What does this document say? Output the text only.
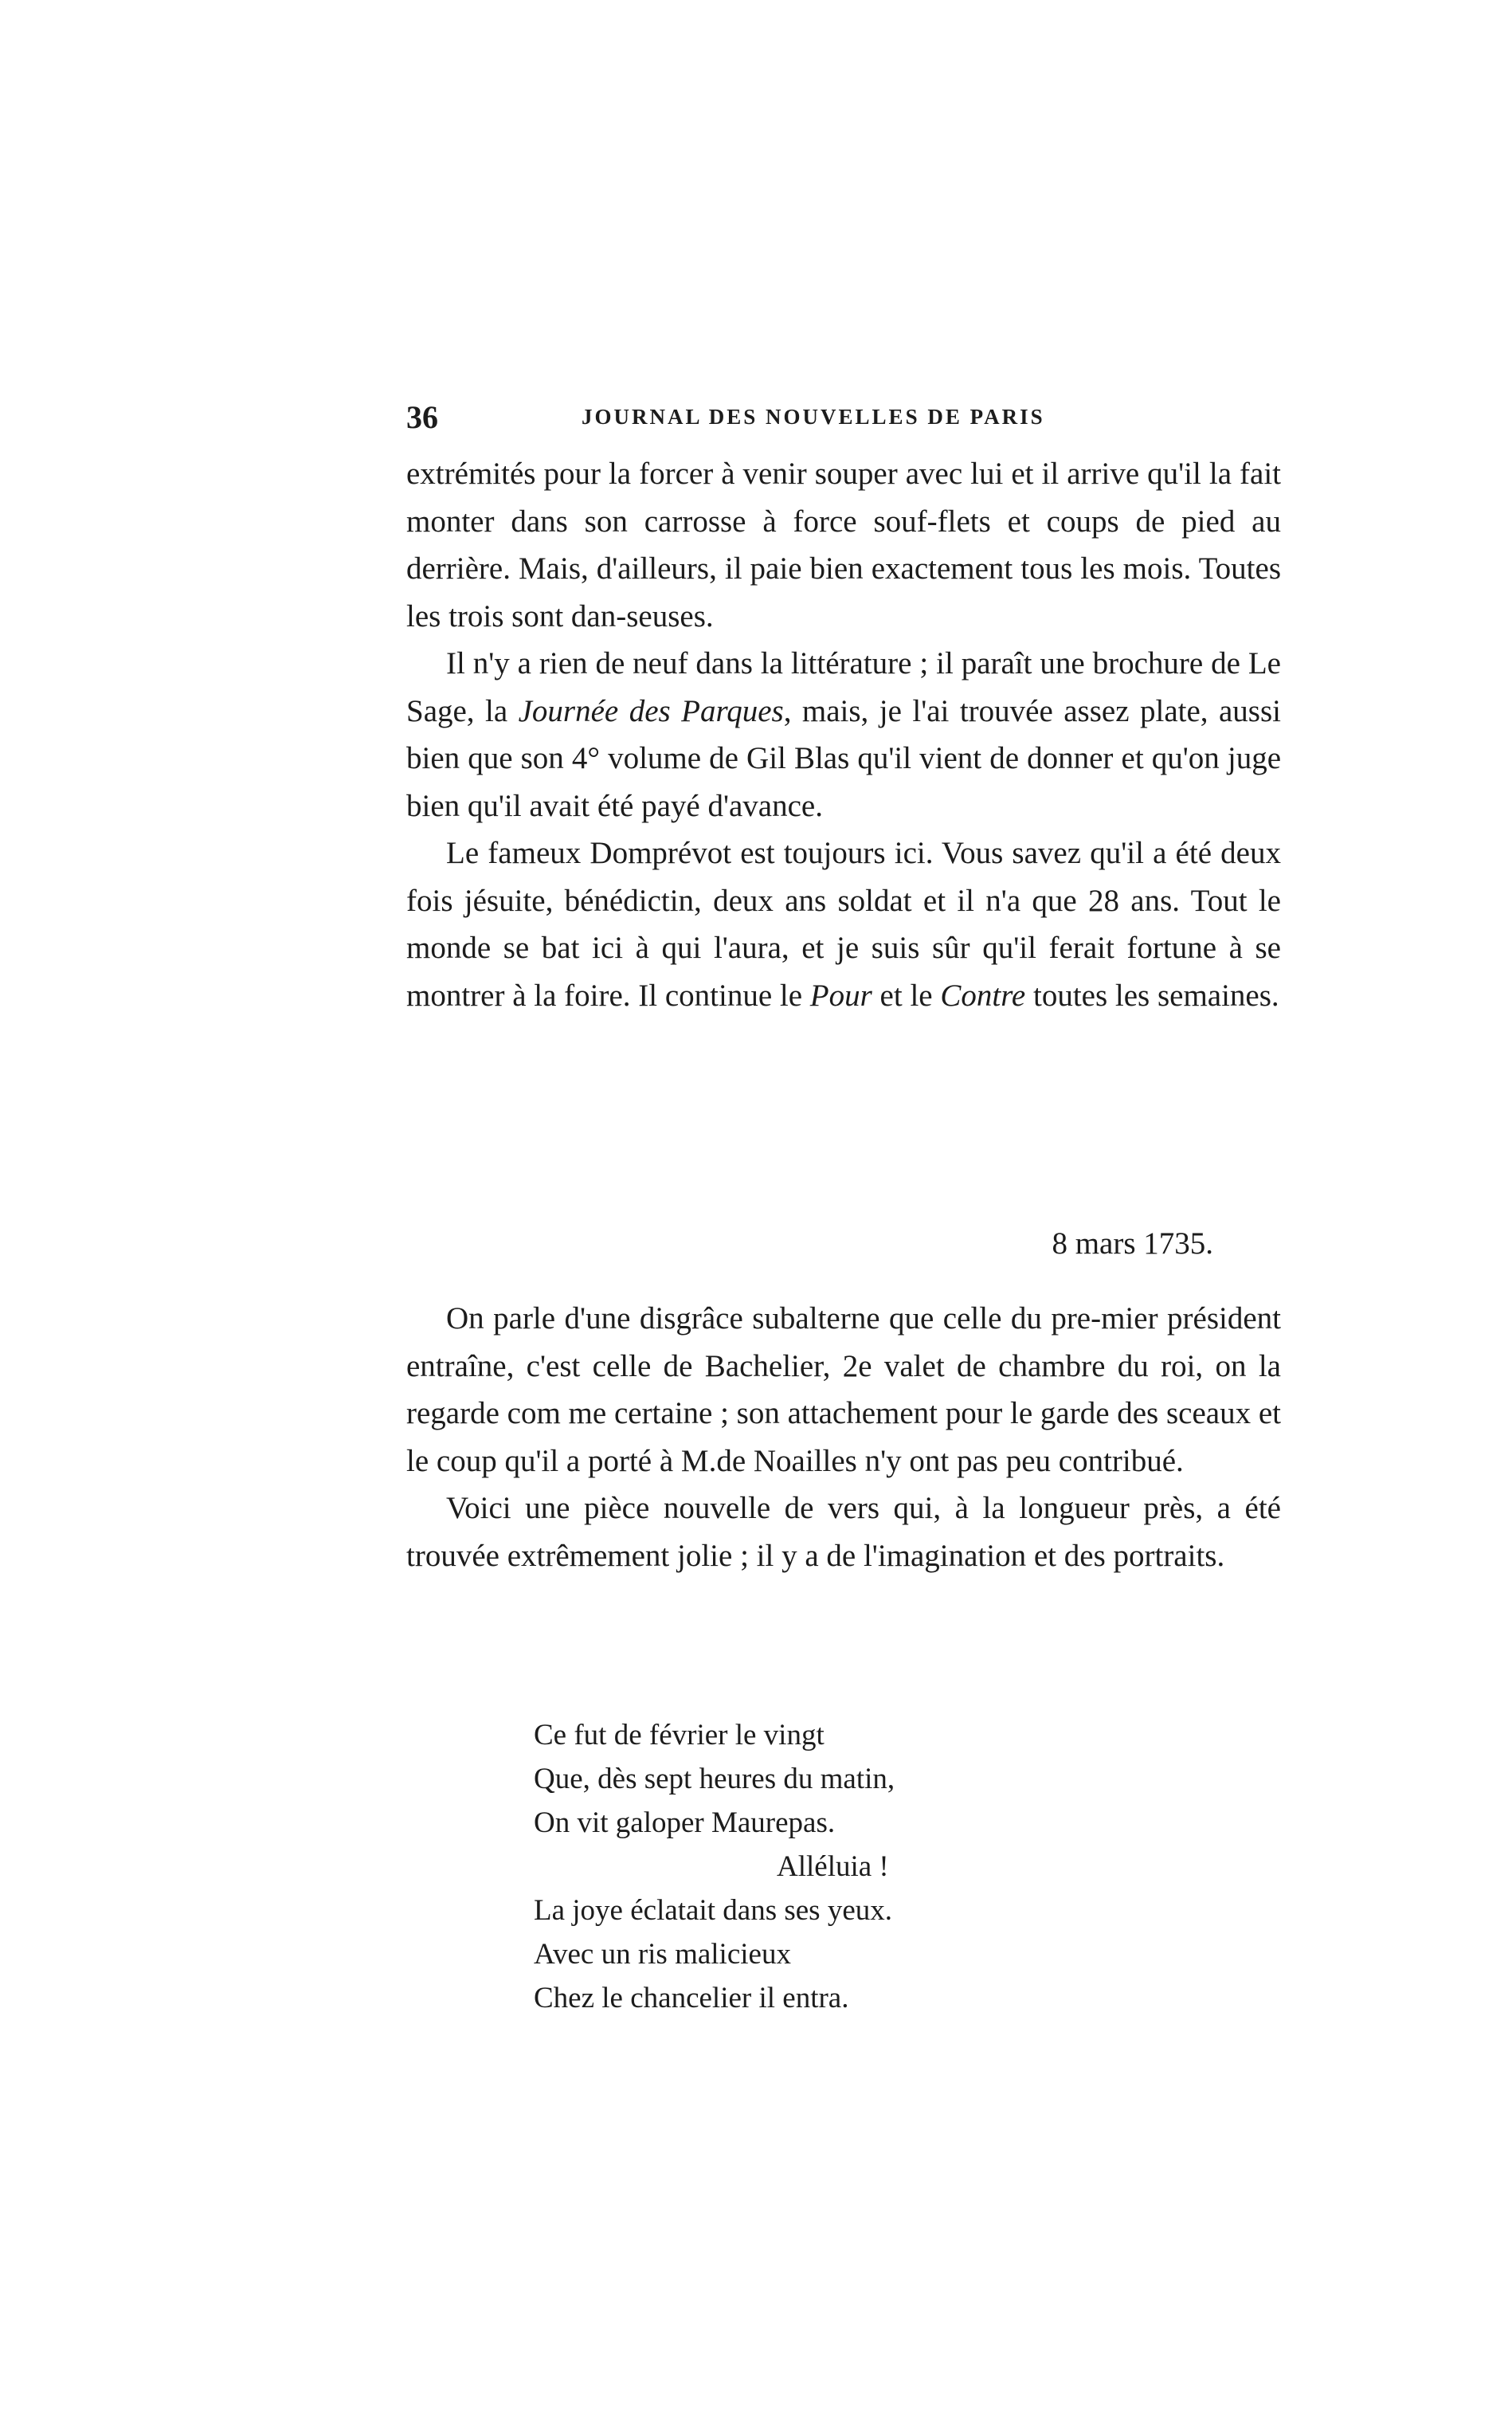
36	JOURNAL DES NOUVELLES DE PARIS

extrémités pour la forcer à venir souper avec lui et il arrive qu'il la fait monter dans son carrosse à force souf-flets et coups de pied au derrière. Mais, d'ailleurs, il paie bien exactement tous les mois. Toutes les trois sont dan-seuses.

Il n'y a rien de neuf dans la littérature ; il paraît une brochure de Le Sage, la Journée des Parques, mais, je l'ai trouvée assez plate, aussi bien que son 4° volume de Gil Blas qu'il vient de donner et qu'on juge bien qu'il avait été payé d'avance.

Le fameux Domprévot est toujours ici. Vous savez qu'il a été deux fois jésuite, bénédictin, deux ans soldat et il n'a que 28 ans. Tout le monde se bat ici à qui l'aura, et je suis sûr qu'il ferait fortune à se montrer à la foire. Il continue le Pour et le Contre toutes les semaines.

8 mars 1735.

On parle d'une disgrâce subalterne que celle du pre-mier président entraîne, c'est celle de Bachelier, 2e valet de chambre du roi, on la regarde com me certaine ; son attachement pour le garde des sceaux et le coup qu'il a porté à M.de Noailles n'y ont pas peu contribué.

Voici une pièce nouvelle de vers qui, à la longueur près, a été trouvée extrêmement jolie ; il y a de l'imagination et des portraits.

Ce fut de février le vingt
Que, dès sept heures du matin,
On vit galoper Maurepas.
Alléluia !
La joye éclatait dans ses yeux.
Avec un ris malicieux
Chez le chancelier il entra.
